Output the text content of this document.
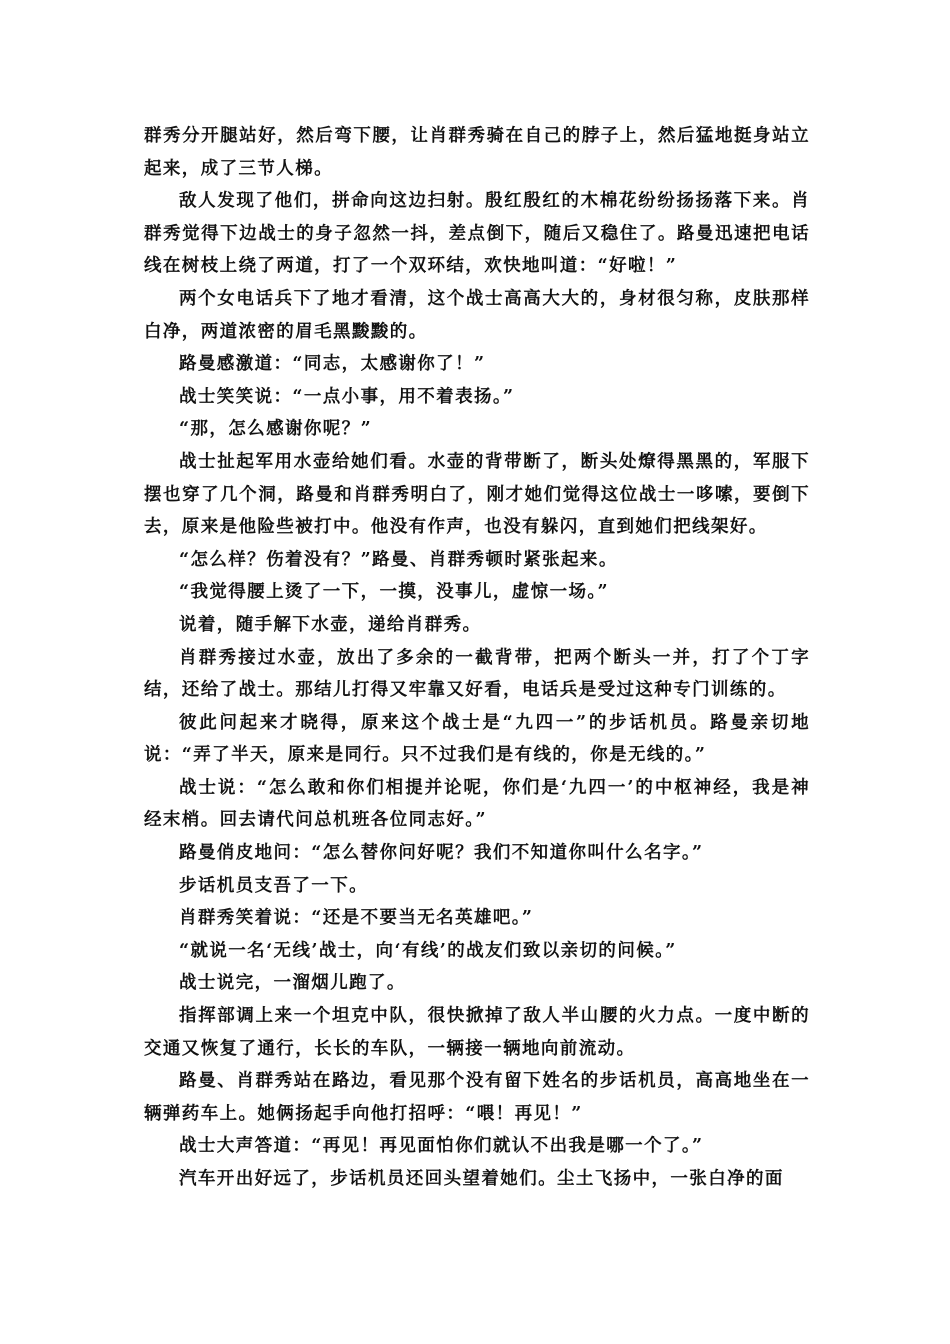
群秀分开腿站好，然后弯下腰，让肖群秀骑在自己的脖子上，然后猛地挺身站立起来，成了三节人梯。

敌人发现了他们，拼命向这边扫射。殷红殷红的木棉花纷纷扬扬落下来。肖群秀觉得下边战士的身子忽然一抖，差点倒下，随后又稳住了。路曼迅速把电话线在树枝上绕了两道，打了一个双环结，欢快地叫道：“好啦！”

两个女电话兵下了地才看清，这个战士高高大大的，身材很匀称，皮肤那样白净，两道浓密的眉毛黑黢黢的。

路曼感激道：“同志，太感谢你了！”

战士笑笑说：“一点小事，用不着表扬。”

“那，怎么感谢你呢？”

战士扯起军用水壶给她们看。水壶的背带断了，断头处燎得黑黑的，军服下摆也穿了几个洞，路曼和肖群秀明白了，刚才她们觉得这位战士一哆嗦，要倒下去，原来是他险些被打中。他没有作声，也没有躲闪，直到她们把线架好。

“怎么样？伤着没有？”路曼、肖群秀顿时紧张起来。

“我觉得腰上烫了一下，一摸，没事儿，虚惊一场。”

说着，随手解下水壶，递给肖群秀。

肖群秀接过水壶，放出了多余的一截背带，把两个断头一并，打了个丁字结，还给了战士。那结儿打得又牢靠又好看，电话兵是受过这种专门训练的。

彼此问起来才晓得，原来这个战士是“九四一”的步话机员。路曼亲切地说：“弄了半天，原来是同行。只不过我们是有线的，你是无线的。”

战士说：“怎么敢和你们相提并论呢，你们是‘九四一’的中枢神经，我是神经末梢。回去请代问总机班各位同志好。”

路曼俏皮地问：“怎么替你问好呢？我们不知道你叫什么名字。”

步话机员支吾了一下。

肖群秀笑着说：“还是不要当无名英雄吧。”

“就说一名‘无线’战士，向‘有线’的战友们致以亲切的问候。”

战士说完，一溜烟儿跑了。

指挥部调上来一个坦克中队，很快掀掉了敌人半山腰的火力点。一度中断的交通又恢复了通行，长长的车队，一辆接一辆地向前流动。

路曼、肖群秀站在路边，看见那个没有留下姓名的步话机员，高高地坐在一辆弹药车上。她俩扬起手向他打招呼：“喂！再见！”

战士大声答道：“再见！再见面怕你们就认不出我是哪一个了。”

汽车开出好远了，步话机员还回头望着她们。尘土飞扬中，一张白净的面
